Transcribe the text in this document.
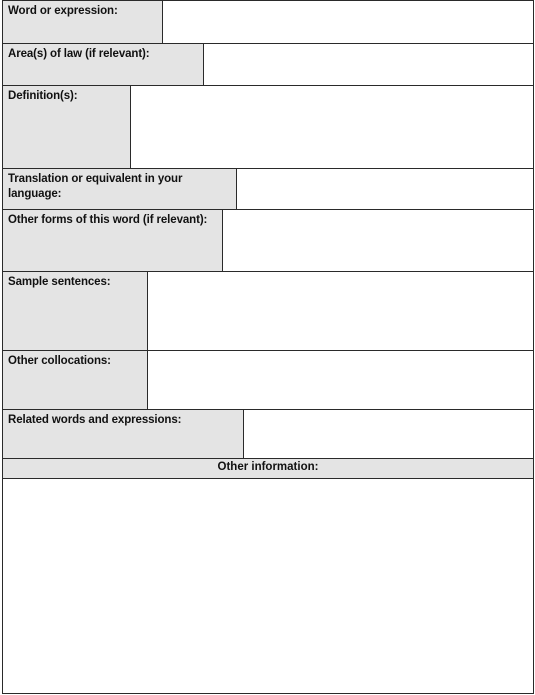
Word or expression:
Area(s) of law (if relevant):
Definition(s):
Translation or equivalent in your language:
Other forms of this word (if relevant):
Sample sentences:
Other collocations:
Related words and expressions:
Other information:
